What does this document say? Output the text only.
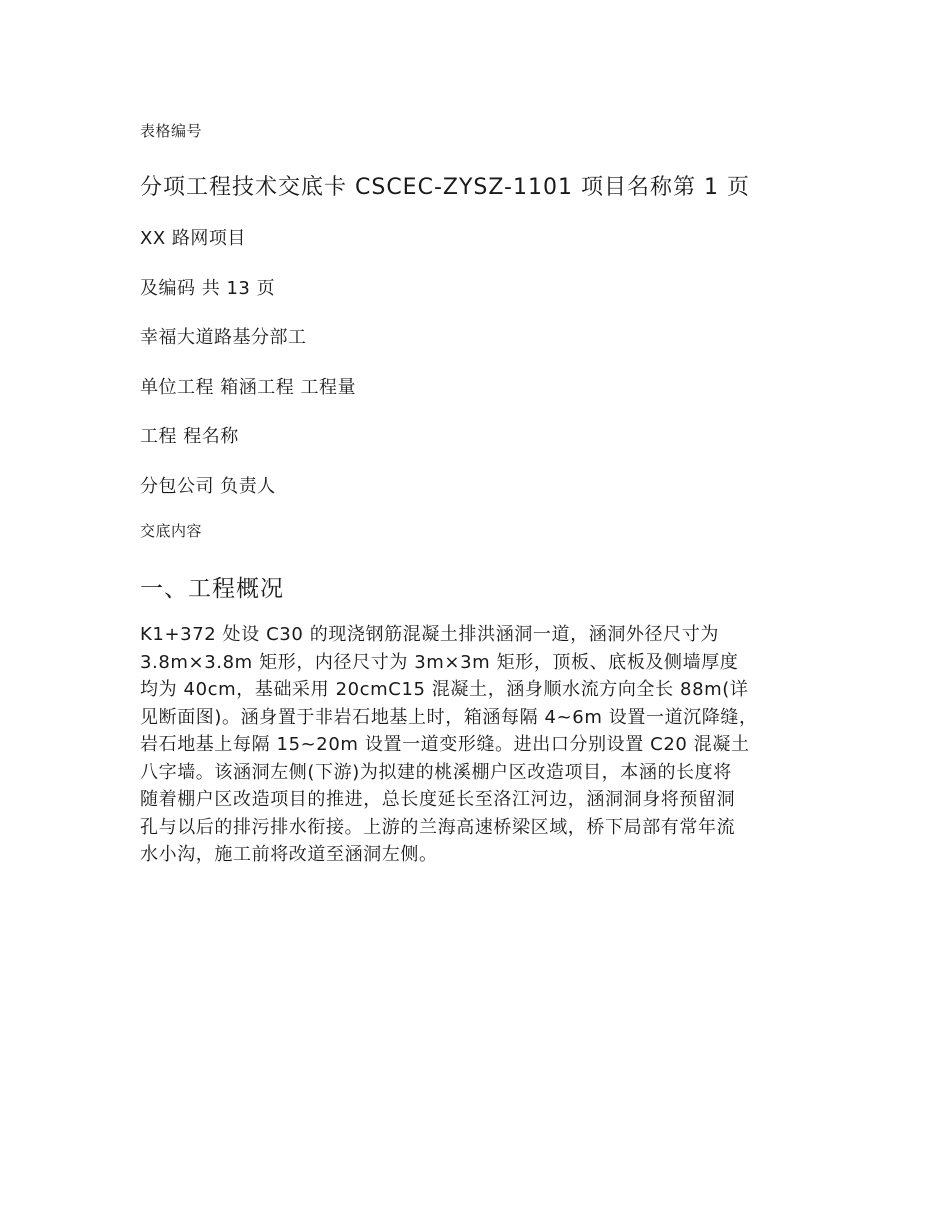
表格编号
分项工程技术交底卡 CSCEC-ZYSZ-1101 项目名称第 1 页
XX 路网项目
及编码 共 13 页
幸福大道路基分部工
单位工程 箱涵工程 工程量
工程 程名称
分包公司 负责人
交底内容
一、工程概况
K1+372 处设 C30 的现浇钢筋混凝土排洪涵洞一道，涵洞外径尺寸为
3.8m×3.8m 矩形，内径尺寸为 3m×3m 矩形，顶板、底板及侧墙厚度
均为 40cm，基础采用 20cmC15 混凝土，涵身顺水流方向全长 88m(详
见断面图)。涵身置于非岩石地基上时，箱涵每隔 4~6m 设置一道沉降缝，
岩石地基上每隔 15~20m 设置一道变形缝。进出口分别设置 C20 混凝土
八字墙。该涵洞左侧(下游)为拟建的桃溪棚户区改造项目，本涵的长度将
随着棚户区改造项目的推进，总长度延长至洛江河边，涵洞洞身将预留洞
孔与以后的排污排水衔接。上游的兰海高速桥梁区域，桥下局部有常年流
水小沟，施工前将改道至涵洞左侧。
